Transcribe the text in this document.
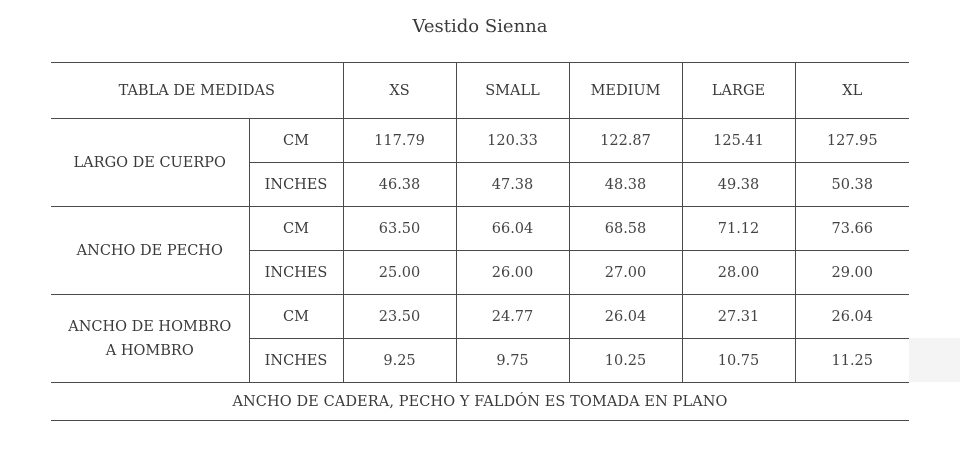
Vestido Sienna
TABLA DE MEDIDAS		XS	SMALL	MEDIUM	LARGE	XL
LARGO DE CUERPO	CM	117.79	120.33	122.87	125.41	127.95
	INCHES	46.38	47.38	48.38	49.38	50.38
ANCHO DE PECHO	CM	63.50	66.04	68.58	71.12	73.66
	INCHES	25.00	26.00	27.00	28.00	29.00
ANCHO DE HOMBRO A HOMBRO	CM	23.50	24.77	26.04	27.31	26.04
	INCHES	9.25	9.75	10.25	10.75	11.25
ANCHO DE CADERA, PECHO Y FALDÓN ES TOMADA EN PLANO						
